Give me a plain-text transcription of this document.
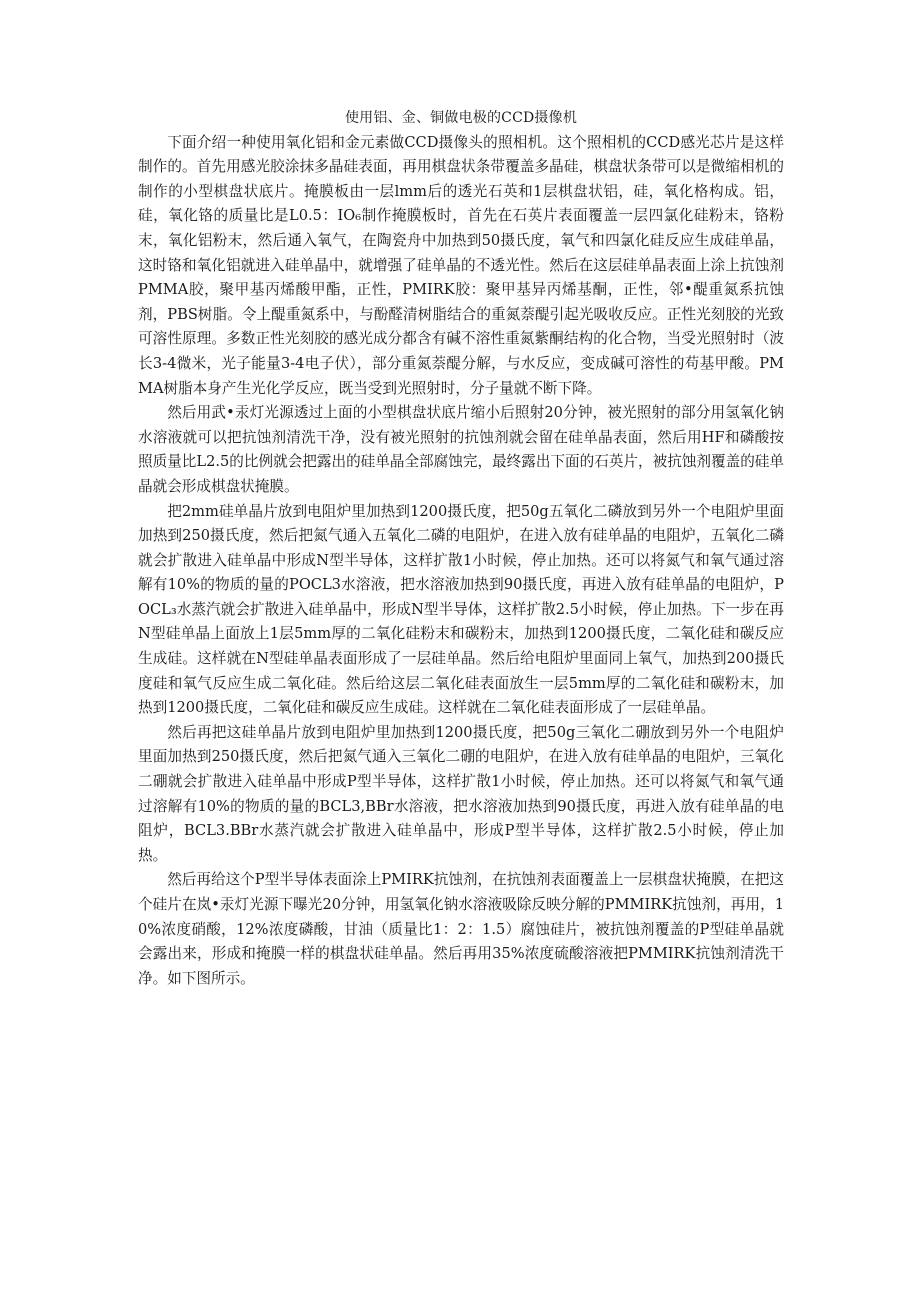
使用铝、金、铜做电极的CCD摄像机

下面介绍一种使用氧化铝和金元素做CCD摄像头的照相机。这个照相机的CCD感光芯片是这样制作的。首先用感光胶涂抹多晶硅表面，再用棋盘状条带覆盖多晶硅，棋盘状条带可以是微缩相机的制作的小型棋盘状底片。掩膜板由一层lmm后的透光石英和1层棋盘状铝，硅，氧化格构成。铝，硅，氧化铬的质量比是L0.5：IO₆制作掩膜板时，首先在石英片表面覆盖一层四氯化硅粉末，铬粉末，氧化铝粉末，然后通入氧气，在陶瓷舟中加热到50摄氏度，氧气和四氯化硅反应生成硅单晶，这时铬和氧化铝就进入硅单晶中，就增强了硅单晶的不透光性。然后在这层硅单晶表面上涂上抗蚀剂PMMA胶，聚甲基丙烯酸甲酯，正性，PMIRK胶：聚甲基异丙烯基酮，正性，邻•醍重氮系抗蚀剂，PBS树脂。令上醍重氮系中，与酚醛清树脂结合的重氮萘醍引起光吸收反应。正性光刻胶的光致可溶性原理。多数正性光刻胶的感光成分都含有碱不溶性重氮紫酮结构的化合物，当受光照射时（波长3-4微米，光子能量3-4电子伏），部分重氮萘醍分解，与水反应，变成碱可溶性的苟基甲酸。PMMA树脂本身产生光化学反应，既当受到光照射时，分子量就不断下降。

然后用武•汞灯光源透过上面的小型棋盘状底片缩小后照射20分钟，被光照射的部分用氢氧化钠水溶液就可以把抗蚀剂清洗干净，没有被光照射的抗蚀剂就会留在硅单晶表面，然后用HF和磷酸按照质量比L2.5的比例就会把露出的硅单晶全部腐蚀完，最终露出下面的石英片，被抗蚀剂覆盖的硅单晶就会形成棋盘状掩膜。

把2mm硅单晶片放到电阻炉里加热到1200摄氏度，把50g五氧化二磷放到另外一个电阻炉里面加热到250摄氏度，然后把氮气通入五氧化二磷的电阻炉，在进入放有硅单晶的电阻炉，五氧化二磷就会扩散进入硅单晶中形成N型半导体，这样扩散1小时候，停止加热。还可以将氮气和氧气通过溶解有10%的物质的量的POCL3水溶液，把水溶液加热到90摄氏度，再进入放有硅单晶的电阻炉，POCL₃水蒸汽就会扩散进入硅单晶中，形成N型半导体，这样扩散2.5小时候，停止加热。下一步在再N型硅单晶上面放上1层5mm厚的二氧化硅粉末和碳粉末，加热到1200摄氏度，二氧化硅和碳反应生成硅。这样就在N型硅单晶表面形成了一层硅单晶。然后给电阻炉里面同上氧气，加热到200摄氏度硅和氧气反应生成二氧化硅。然后给这层二氧化硅表面放生一层5mm厚的二氧化硅和碳粉末，加热到1200摄氏度，二氧化硅和碳反应生成硅。这样就在二氧化硅表面形成了一层硅单晶。

然后再把这硅单晶片放到电阻炉里加热到1200摄氏度，把50g三氧化二硼放到另外一个电阻炉里面加热到250摄氏度，然后把氮气通入三氧化二硼的电阻炉，在进入放有硅单晶的电阻炉，三氧化二硼就会扩散进入硅单晶中形成P型半导体，这样扩散1小时候，停止加热。还可以将氮气和氧气通过溶解有10%的物质的量的BCL3,BBr水溶液，把水溶液加热到90摄氏度，再进入放有硅单晶的电阻炉，BCL3.BBr水蒸汽就会扩散进入硅单晶中，形成P型半导体，这样扩散2.5小时候，停止加热。

然后再给这个P型半导体表面涂上PMIRK抗蚀剂，在抗蚀剂表面覆盖上一层棋盘状掩膜，在把这个硅片在岚•汞灯光源下曝光20分钟，用氢氧化钠水溶液吸除反映分解的PMMIRK抗蚀剂，再用，10%浓度硝酸，12%浓度磷酸，甘油（质量比1：2：1.5）腐蚀硅片，被抗蚀剂覆盖的P型硅单晶就会露出来，形成和掩膜一样的棋盘状硅单晶。然后再用35%浓度硫酸溶液把PMMIRK抗蚀剂清洗干净。如下图所示。
